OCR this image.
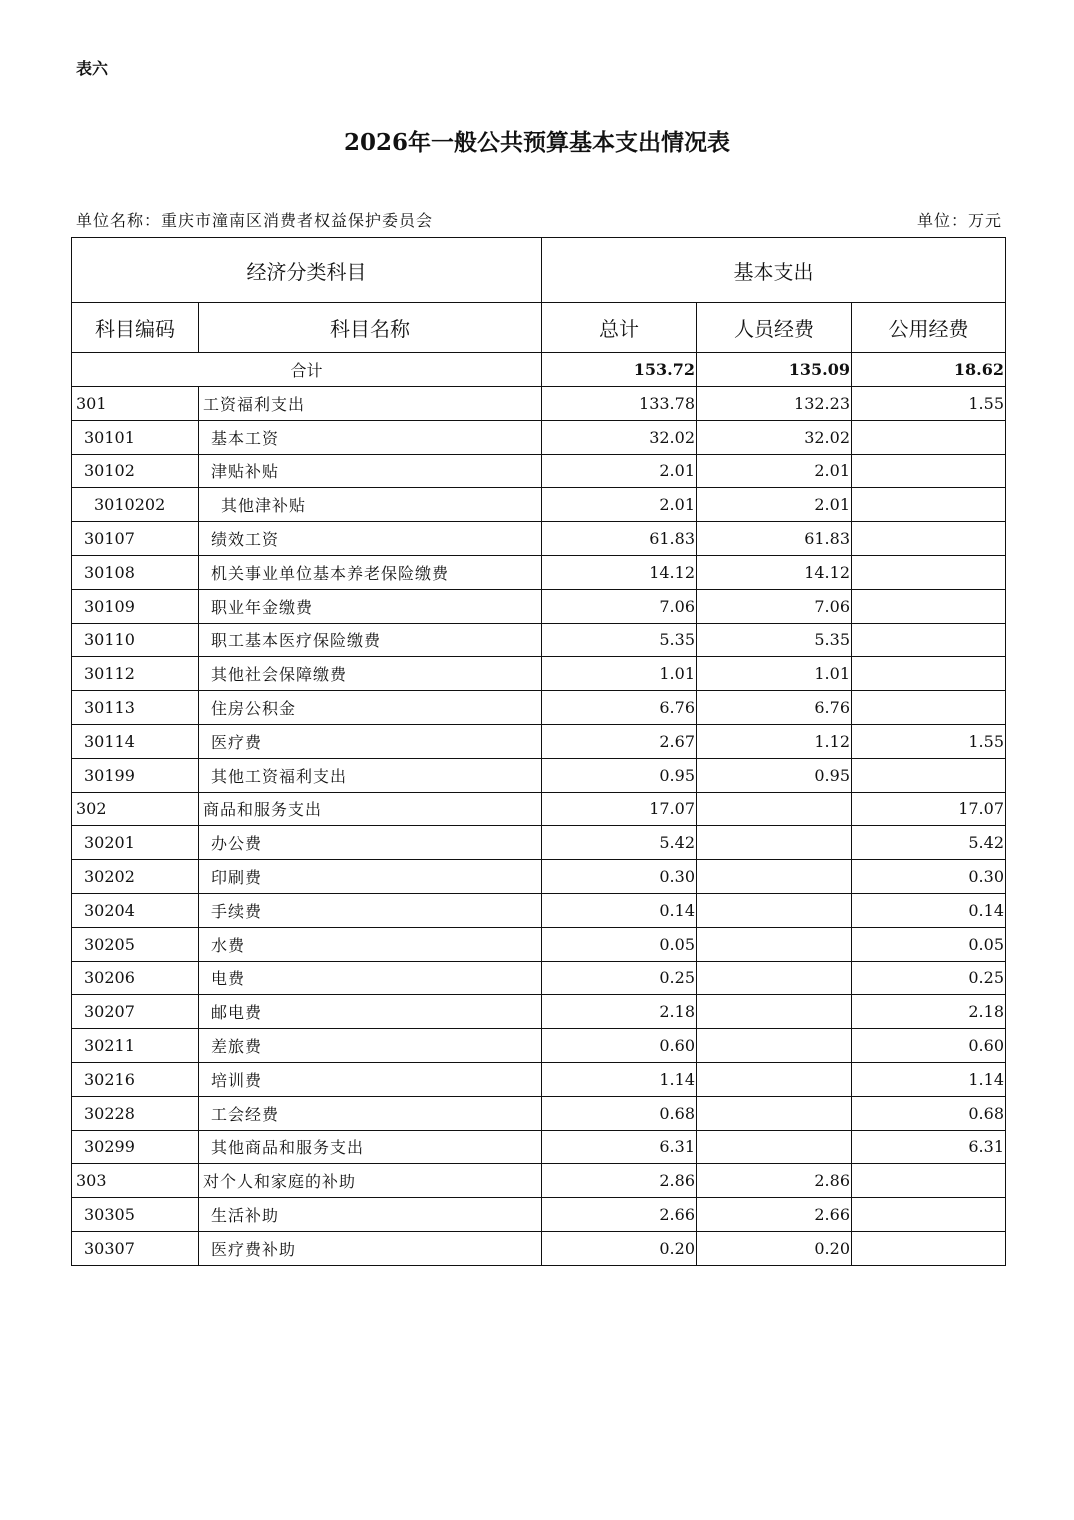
表六
2026年一般公共预算基本支出情况表
单位名称：重庆市潼南区消费者权益保护委员会	单位：万元
经济分类科目		基本支出		
科目编码	科目名称	总计	人员经费	公用经费
合计		153.72	135.09	18.62
301	工资福利支出	133.78	132.23	1.55
30101	基本工资	32.02	32.02	
30102	津贴补贴	2.01	2.01	
3010202	其他津补贴	2.01	2.01	
30107	绩效工资	61.83	61.83	
30108	机关事业单位基本养老保险缴费	14.12	14.12	
30109	职业年金缴费	7.06	7.06	
30110	职工基本医疗保险缴费	5.35	5.35	
30112	其他社会保障缴费	1.01	1.01	
30113	住房公积金	6.76	6.76	
30114	医疗费	2.67	1.12	1.55
30199	其他工资福利支出	0.95	0.95	
302	商品和服务支出	17.07		17.07
30201	办公费	5.42		5.42
30202	印刷费	0.30		0.30
30204	手续费	0.14		0.14
30205	水费	0.05		0.05
30206	电费	0.25		0.25
30207	邮电费	2.18		2.18
30211	差旅费	0.60		0.60
30216	培训费	1.14		1.14
30228	工会经费	0.68		0.68
30299	其他商品和服务支出	6.31		6.31
303	对个人和家庭的补助	2.86	2.86	
30305	生活补助	2.66	2.66	
30307	医疗费补助	0.20	0.20	
